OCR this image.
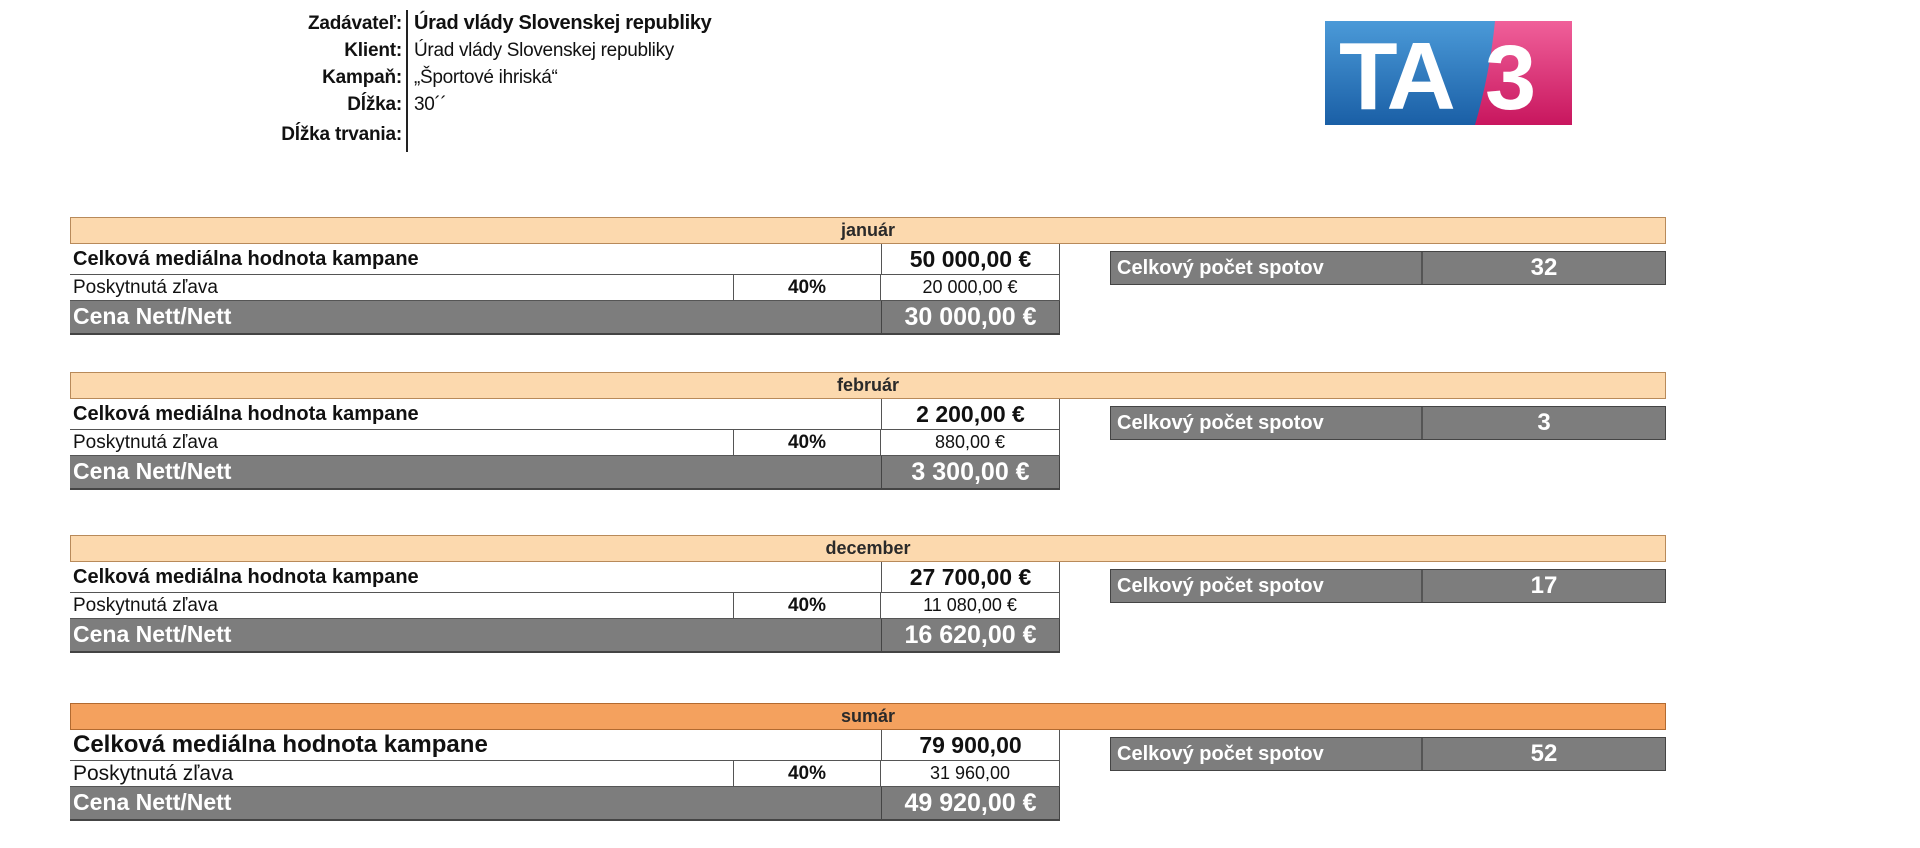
Zadávateľ: Úrad vlády Slovenskej republiky
Klient: Úrad vlády Slovenskej republiky
Kampaň: „Športové ihriská“
Dĺžka: 30´´
Dĺžka trvania:
TA 3
január
Celková mediálna hodnota kampane	50 000,00 €
Poskytnutá zľava	40%	20 000,00 €
Cena Nett/Nett	30 000,00 €
Celkový počet spotov	32
február
Celková mediálna hodnota kampane	2 200,00 €
Poskytnutá zľava	40%	880,00 €
Cena Nett/Nett	3 300,00 €
Celkový počet spotov	3
december
Celková mediálna hodnota kampane	27 700,00 €
Poskytnutá zľava	40%	11 080,00 €
Cena Nett/Nett	16 620,00 €
Celkový počet spotov	17
sumár
Celková mediálna hodnota kampane	79 900,00
Poskytnutá zľava	40%	31 960,00
Cena Nett/Nett	49 920,00 €
Celkový počet spotov	52
